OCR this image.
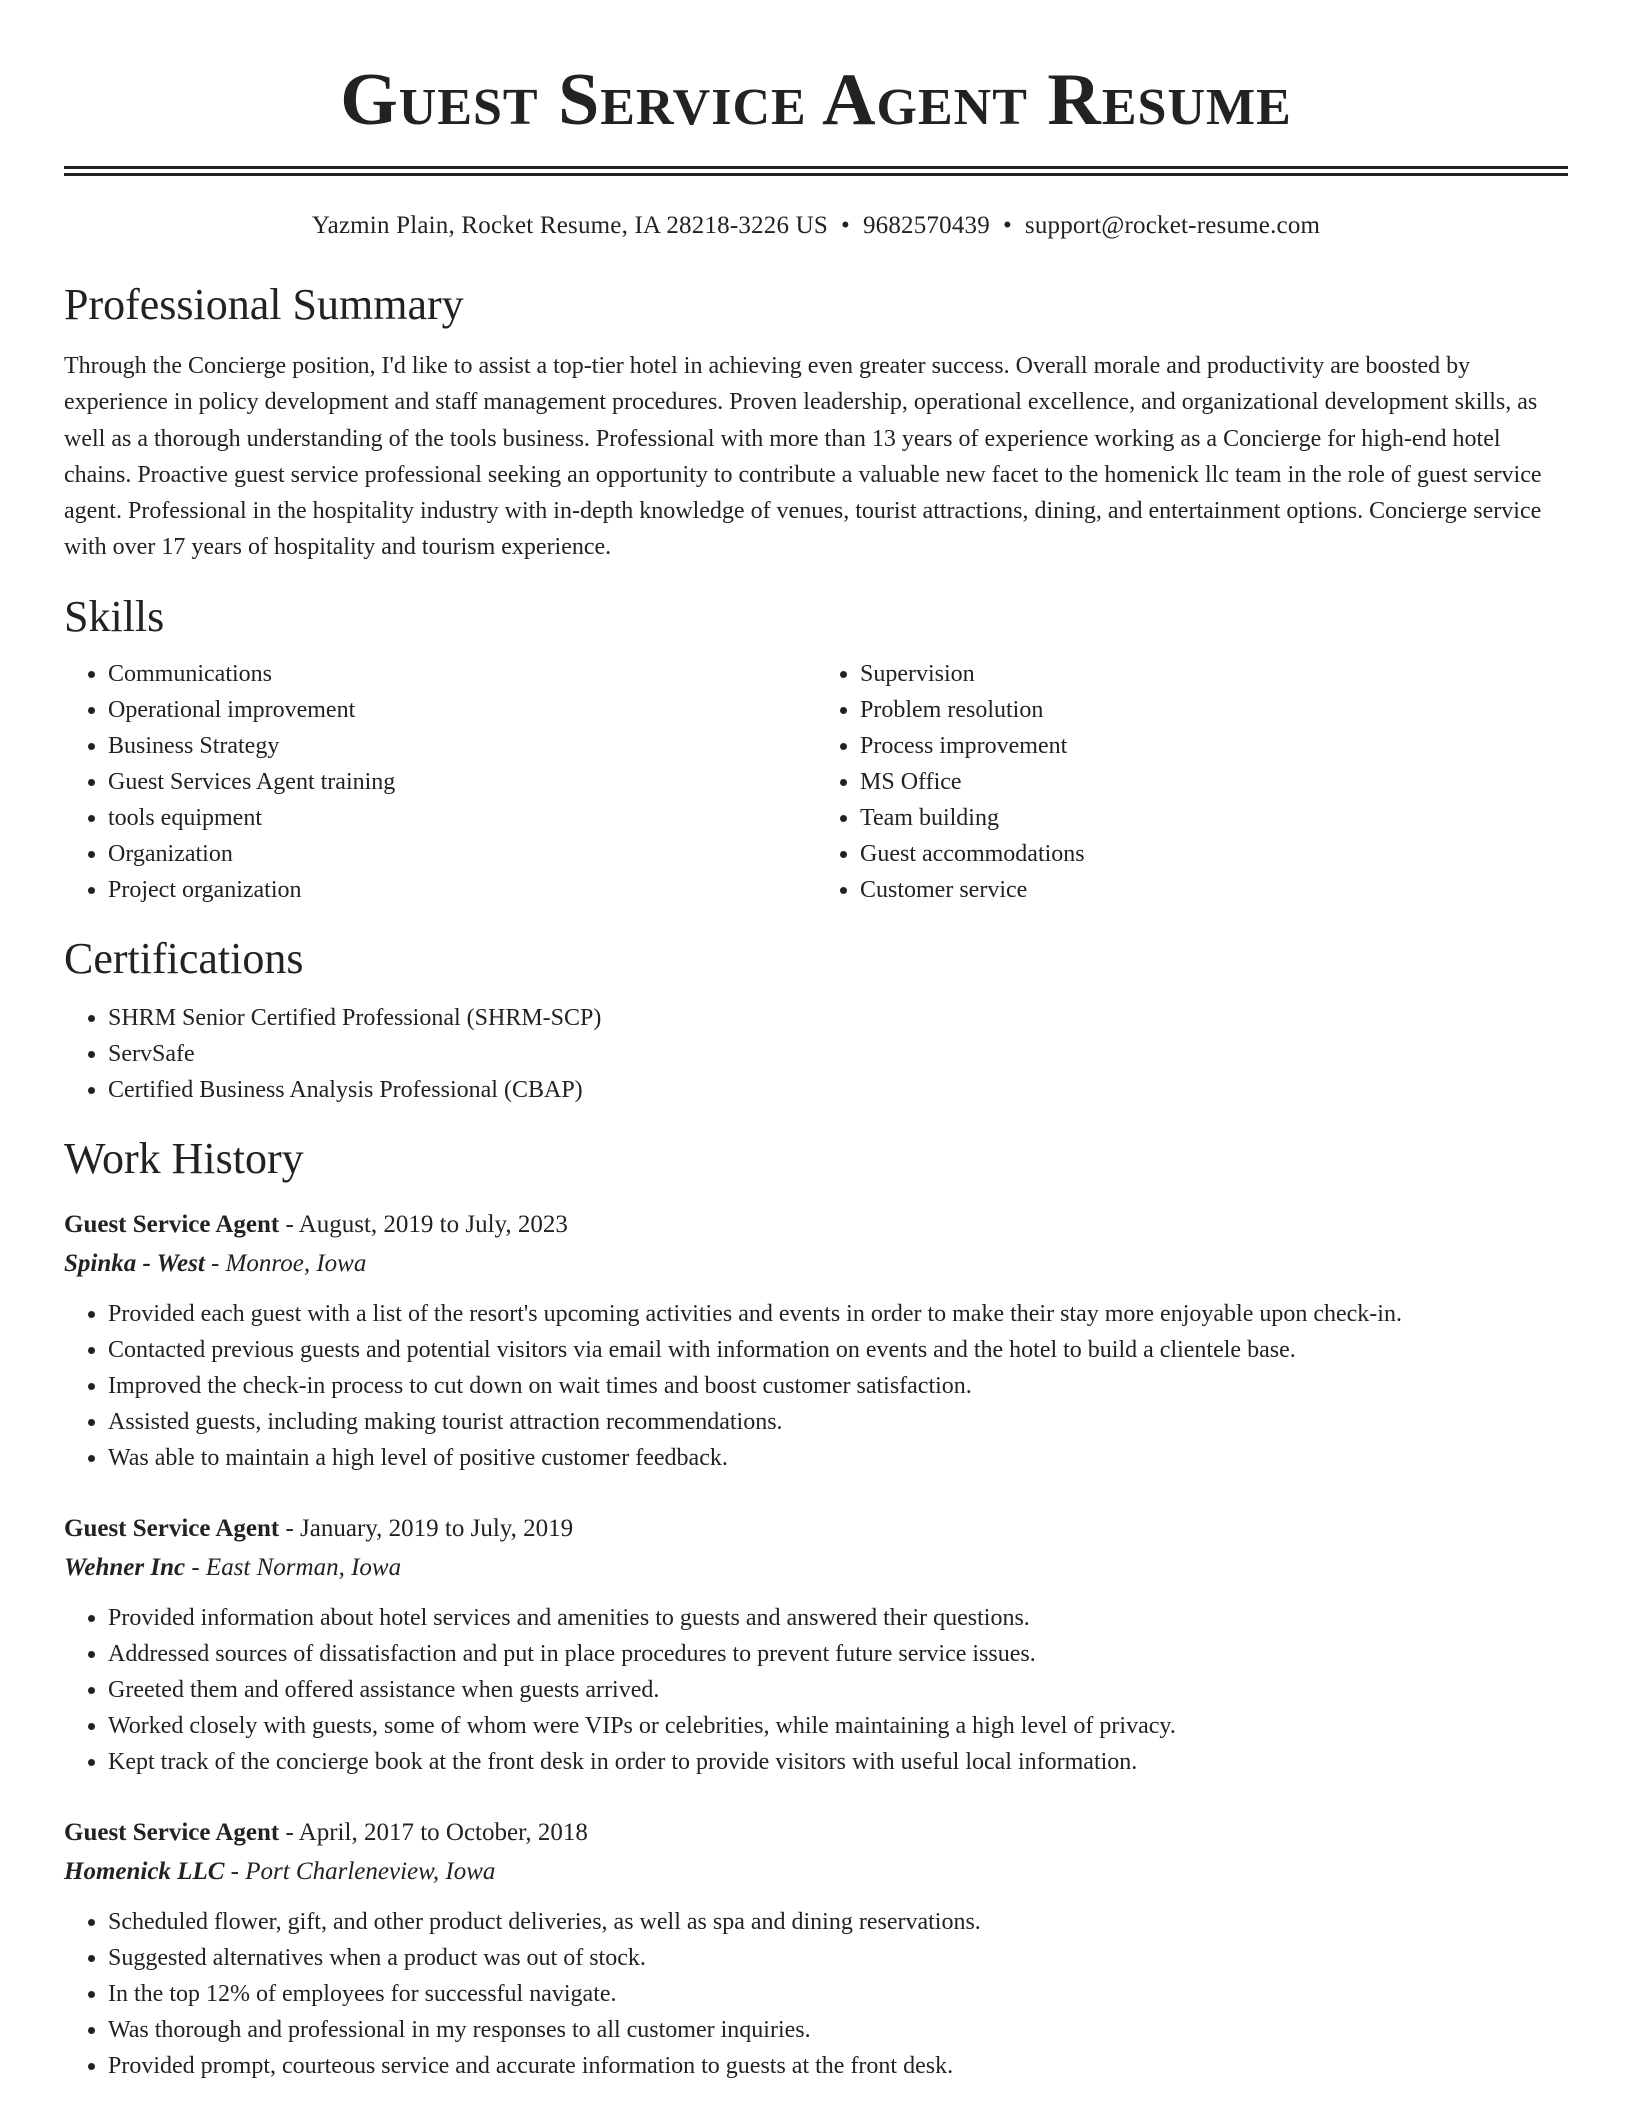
Guest Service Agent Resume
Yazmin Plain, Rocket Resume, IA 28218-3226 US • 9682570439 • support@rocket-resume.com
Professional Summary

Through the Concierge position, I'd like to assist a top-tier hotel in achieving even greater success. Overall morale and productivity are boosted by experience in policy development and staff management procedures. Proven leadership, operational excellence, and organizational development skills, as well as a thorough understanding of the tools business. Professional with more than 13 years of experience working as a Concierge for high-end hotel chains. Proactive guest service professional seeking an opportunity to contribute a valuable new facet to the homenick llc team in the role of guest service agent. Professional in the hospitality industry with in-depth knowledge of venues, tourist attractions, dining, and entertainment options. Concierge service with over 17 years of hospitality and tourism experience.

Skills
• Communications
• Operational improvement
• Business Strategy
• Guest Services Agent training
• tools equipment
• Organization
• Project organization
• Supervision
• Problem resolution
• Process improvement
• MS Office
• Team building
• Guest accommodations
• Customer service
Certifications
• SHRM Senior Certified Professional (SHRM-SCP)
• ServSafe
• Certified Business Analysis Professional (CBAP)
Work History
Guest Service Agent - August, 2019 to July, 2023
Spinka - West - Monroe, Iowa
• Provided each guest with a list of the resort's upcoming activities and events in order to make their stay more enjoyable upon check-in.
• Contacted previous guests and potential visitors via email with information on events and the hotel to build a clientele base.
• Improved the check-in process to cut down on wait times and boost customer satisfaction.
• Assisted guests, including making tourist attraction recommendations.
• Was able to maintain a high level of positive customer feedback.
Guest Service Agent - January, 2019 to July, 2019
Wehner Inc - East Norman, Iowa
• Provided information about hotel services and amenities to guests and answered their questions.
• Addressed sources of dissatisfaction and put in place procedures to prevent future service issues.
• Greeted them and offered assistance when guests arrived.
• Worked closely with guests, some of whom were VIPs or celebrities, while maintaining a high level of privacy.
• Kept track of the concierge book at the front desk in order to provide visitors with useful local information.
Guest Service Agent - April, 2017 to October, 2018
Homenick LLC - Port Charleneview, Iowa
• Scheduled flower, gift, and other product deliveries, as well as spa and dining reservations.
• Suggested alternatives when a product was out of stock.
• In the top 12% of employees for successful navigate.
• Was thorough and professional in my responses to all customer inquiries.
• Provided prompt, courteous service and accurate information to guests at the front desk.
